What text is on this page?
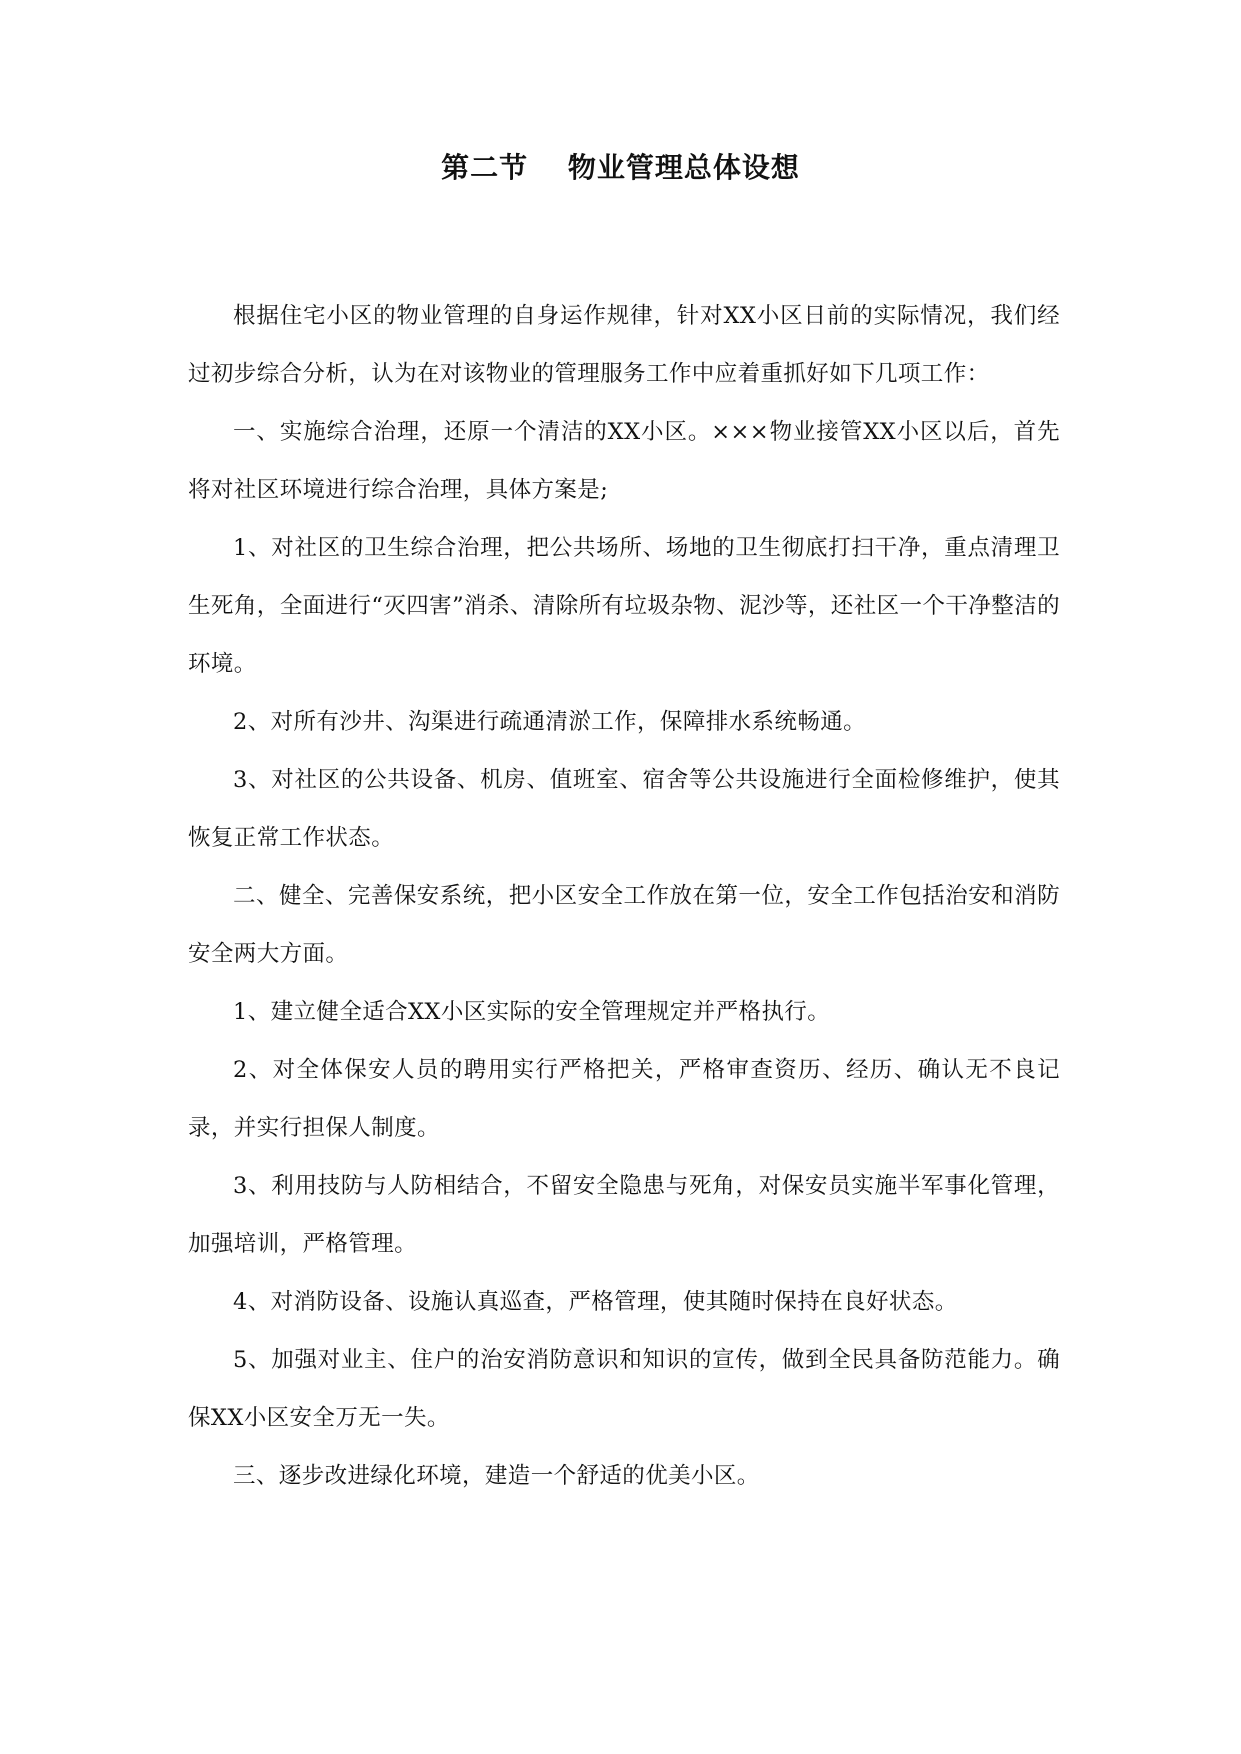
第二节　 物业管理总体设想

根据住宅小区的物业管理的自身运作规律，针对XX小区日前的实际情况，我们经过初步综合分析，认为在对该物业的管理服务工作中应着重抓好如下几项工作：

一、实施综合治理，还原一个清洁的XX小区。×××物业接管XX小区以后，首先将对社区环境进行综合治理，具体方案是;

1、对社区的卫生综合治理，把公共场所、场地的卫生彻底打扫干净，重点清理卫生死角，全面进行“灭四害”消杀、清除所有垃圾杂物、泥沙等，还社区一个干净整洁的环境。

2、对所有沙井、沟渠进行疏通清淤工作，保障排水系统畅通。

3、对社区的公共设备、机房、值班室、宿舍等公共设施进行全面检修维护，使其恢复正常工作状态。

二、健全、完善保安系统，把小区安全工作放在第一位，安全工作包括治安和消防安全两大方面。

1、建立健全适合XX小区实际的安全管理规定并严格执行。

2、对全体保安人员的聘用实行严格把关，严格审查资历、经历、确认无不良记录，并实行担保人制度。

3、利用技防与人防相结合，不留安全隐患与死角，对保安员实施半军事化管理，加强培训，严格管理。

4、对消防设备、设施认真巡查，严格管理，使其随时保持在良好状态。

5、加强对业主、住户的治安消防意识和知识的宣传，做到全民具备防范能力。确保XX小区安全万无一失。

三、逐步改进绿化环境，建造一个舒适的优美小区。
